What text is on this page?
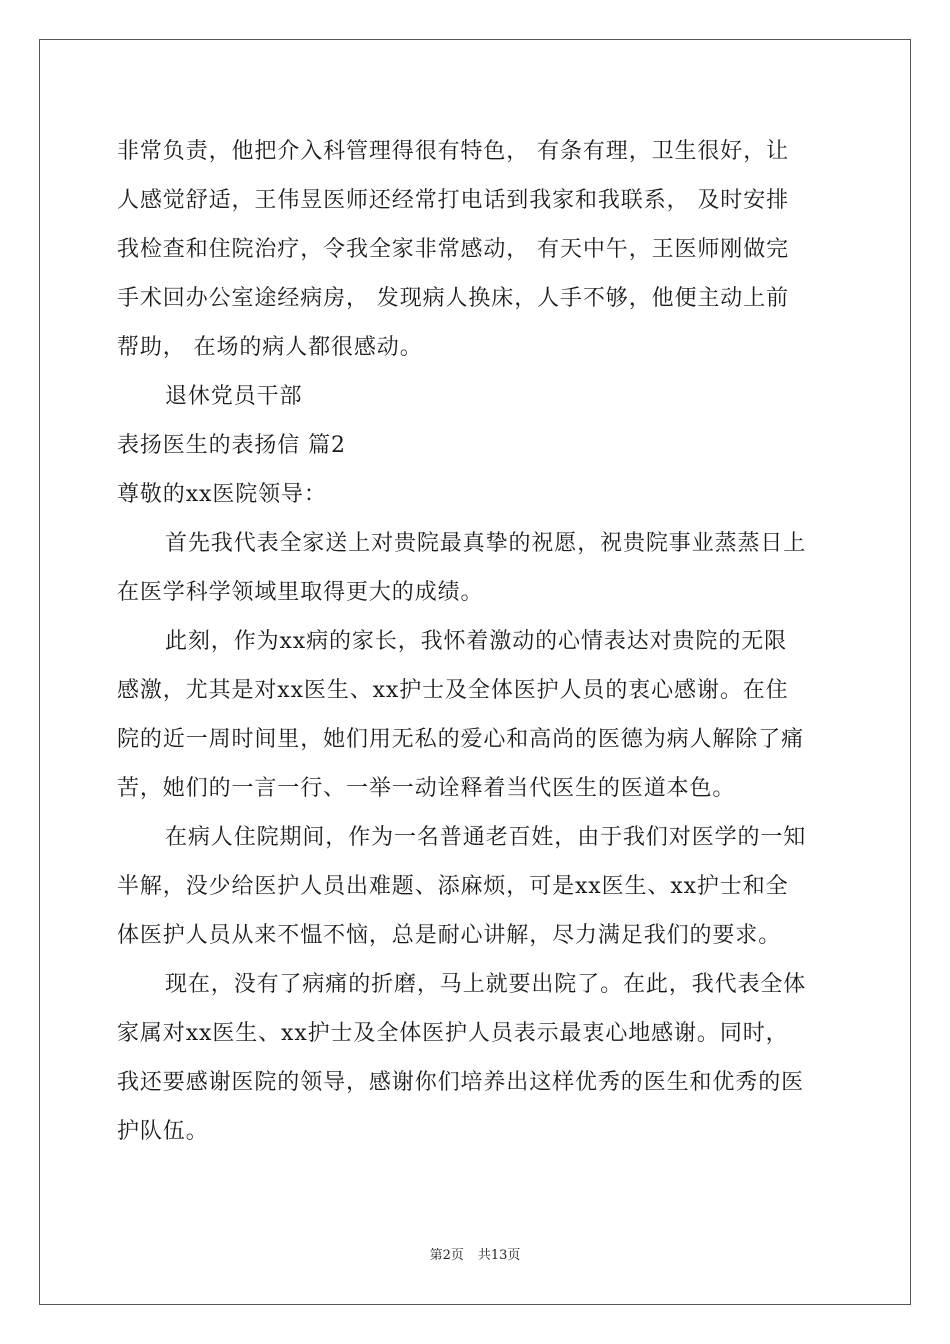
非常负责，他把介入科管理得很有特色， 有条有理，卫生很好，让
人感觉舒适，王伟昱医师还经常打电话到我家和我联系， 及时安排
我检查和住院治疗，令我全家非常感动， 有天中午，王医师刚做完
手术回办公室途经病房， 发现病人换床，人手不够，他便主动上前
帮助， 在场的病人都很感动。
退休党员干部
表扬医生的表扬信 篇2
尊敬的xx医院领导：
首先我代表全家送上对贵院最真挚的祝愿，祝贵院事业蒸蒸日上
在医学科学领域里取得更大的成绩。
此刻，作为xx病的家长，我怀着激动的心情表达对贵院的无限
感激，尤其是对xx医生、xx护士及全体医护人员的衷心感谢。在住
院的近一周时间里，她们用无私的爱心和高尚的医德为病人解除了痛
苦，她们的一言一行、一举一动诠释着当代医生的医道本色。
在病人住院期间，作为一名普通老百姓，由于我们对医学的一知
半解，没少给医护人员出难题、添麻烦，可是xx医生、xx护士和全
体医护人员从来不愠不恼，总是耐心讲解，尽力满足我们的要求。
现在，没有了病痛的折磨，马上就要出院了。在此，我代表全体
家属对xx医生、xx护士及全体医护人员表示最衷心地感谢。同时，
我还要感谢医院的领导，感谢你们培养出这样优秀的医生和优秀的医
护队伍。
第2页 共13页
